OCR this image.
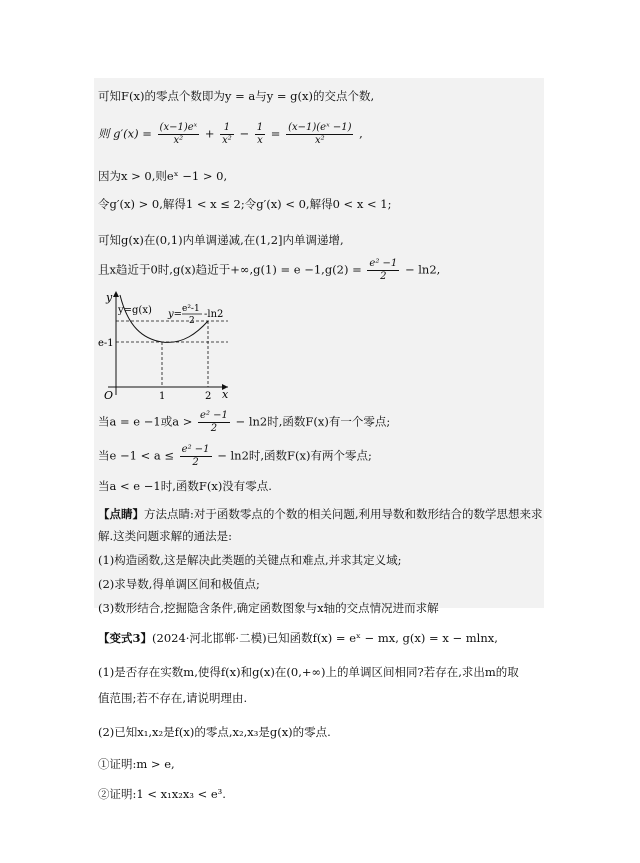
可知F(x)的零点个数即为y = a与y = g(x)的交点个数,
则 $g'(x) = \frac{\text{(x−1)eˣ}}{\text{x²}} + \frac{1}{\text{x²}} - \frac{1}{x} = \frac{\text{(x−1)(eˣ −1)}}{\text{x²}}$ ,
因为x > 0,则eˣ −1 > 0,
令g′(x) > 0,解得1 < x ≤ 2;令g′(x) < 0,解得0 < x < 1;
可知g(x)在(0,1)内单调递减,在(1,2]内单调递增,
且x趋近于0时,g(x)趋近于$+\infty,g(1) = e -1,g(2) = \frac{\text{e² −1}}{2} - \ln 2$,
y
x
O
y=g(x) y= e²-1
2
-ln2
e-1
1	2
当a = e −1或$a > \frac{\text{e² −1}}{2} - \ln 2$时,函数F(x)有一个零点;
当$e -1 < a \le \frac{\text{e² −1}}{2} - \ln 2$时,函数F(x)有两个零点;
当a < e −1时,函数F(x)没有零点.
【点睛】方法点睛:对于函数零点的个数的相关问题,利用导数和数形结合的数学思想来求
解.这类问题求解的通法是:
(1)构造函数,这是解决此类题的关键点和难点,并求其定义域;
(2)求导数,得单调区间和极值点;
(3)数形结合,挖掘隐含条件,确定函数图象与x轴的交点情况进而求解
【变式3】(2024·河北邯郸·二模)已知函数f(x) = eˣ − mx, g(x) = x − mlnx,
(1)是否存在实数m,使得f(x)和g(x)在(0,+∞)上的单调区间相同?若存在,求出m的取
值范围;若不存在,请说明理由.
(2)已知x₁,x₂是f(x)的零点,x₂,x₃是g(x)的零点.
①证明:m > e,
②证明:1 < x₁x₂x₃ < e³.
